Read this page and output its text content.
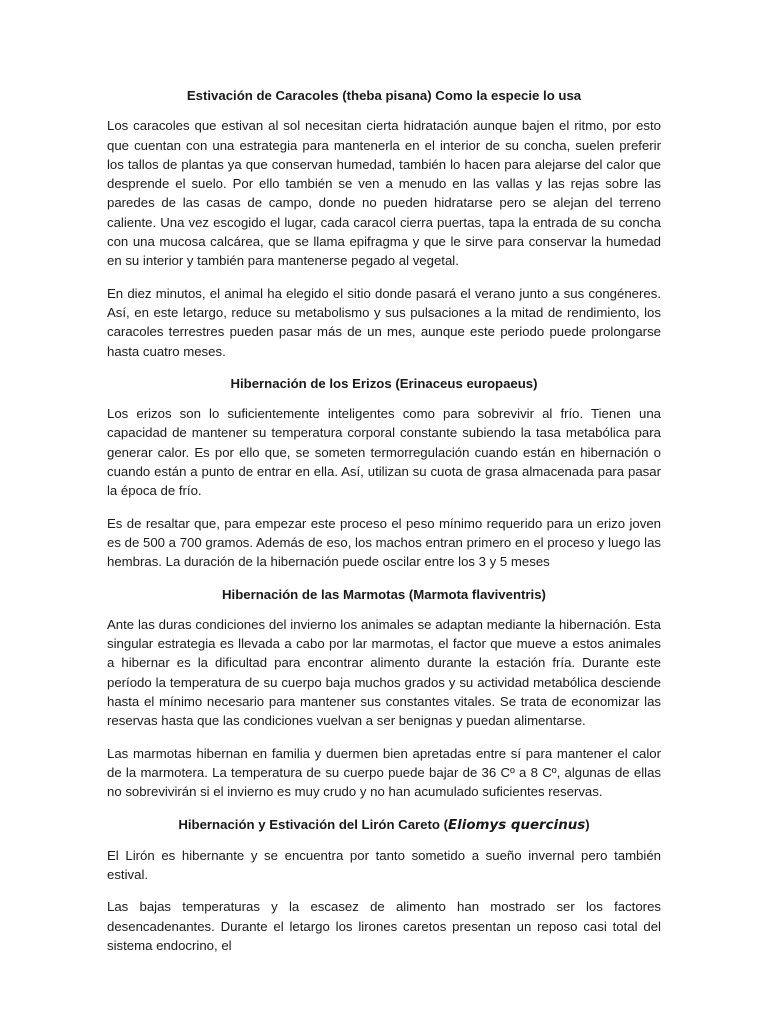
Estivación de Caracoles (theba pisana) Como la especie lo usa

Los caracoles que estivan al sol necesitan cierta hidratación aunque bajen el ritmo, por esto que cuentan con una estrategia para mantenerla en el interior de su concha, suelen preferir los tallos de plantas ya que conservan humedad, también lo hacen para alejarse del calor que desprende el suelo. Por ello también se ven a menudo en las vallas y las rejas sobre las paredes de las casas de campo, donde no pueden hidratarse pero se alejan del terreno caliente. Una vez escogido el lugar, cada caracol cierra puertas, tapa la entrada de su concha con una mucosa calcárea, que se llama epifragma y que le sirve para conservar la humedad en su interior y también para mantenerse pegado al vegetal.

En diez minutos, el animal ha elegido el sitio donde pasará el verano junto a sus congéneres. Así, en este letargo, reduce su metabolismo y sus pulsaciones a la mitad de rendimiento, los caracoles terrestres pueden pasar más de un mes, aunque este periodo puede prolongarse hasta cuatro meses.

Hibernación de los Erizos (Erinaceus europaeus)

Los erizos son lo suficientemente inteligentes como para sobrevivir al frío. Tienen una capacidad de mantener su temperatura corporal constante subiendo la tasa metabólica para generar calor. Es por ello que, se someten termorregulación cuando están en hibernación o cuando están a punto de entrar en ella. Así, utilizan su cuota de grasa almacenada para pasar la época de frío.

Es de resaltar que, para empezar este proceso el peso mínimo requerido para un erizo joven es de 500 a 700 gramos. Además de eso, los machos entran primero en el proceso y luego las hembras. La duración de la hibernación puede oscilar entre los 3 y 5 meses

Hibernación de las Marmotas (Marmota flaviventris)

Ante las duras condiciones del invierno los animales se adaptan mediante la hibernación. Esta singular estrategia es llevada a cabo por lar marmotas, el factor que mueve a estos animales a hibernar es la dificultad para encontrar alimento durante la estación fría. Durante este período la temperatura de su cuerpo baja muchos grados y su actividad metabólica desciende hasta el mínimo necesario para mantener sus constantes vitales. Se trata de economizar las reservas hasta que las condiciones vuelvan a ser benignas y puedan alimentarse.

Las marmotas hibernan en familia y duermen bien apretadas entre sí para mantener el calor de la marmotera. La temperatura de su cuerpo puede bajar de 36 Cº a 8 Cº, algunas de ellas no sobrevivirán si el invierno es muy crudo y no han acumulado suficientes reservas.

Hibernación y Estivación del Lirón Careto (Eliomys quercinus)

El Lirón es hibernante y se encuentra por tanto sometido a sueño invernal pero también estival.

Las bajas temperaturas y la escasez de alimento han mostrado ser los factores desencadenantes. Durante el letargo los lirones caretos presentan un reposo casi total del sistema endocrino, el
